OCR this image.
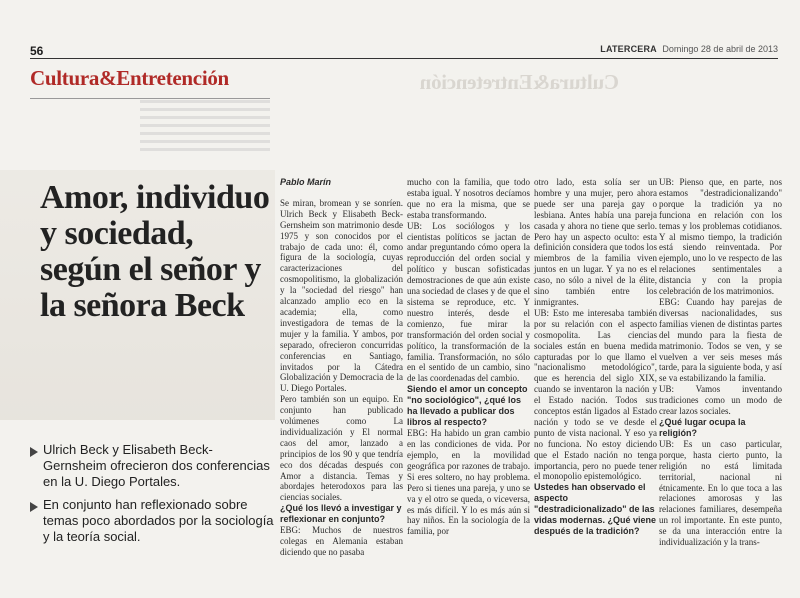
56	LATERCERA Domingo 28 de abril de 2013
Cultura&Entretención
Cultura&Entretención
Amor, individuo y sociedad, según el señor y la señora Beck
Ulrich Beck y Elisabeth Beck-Gernsheim ofrecieron dos conferencias en la U. Diego Portales.
En conjunto han reflexionado sobre temas poco abordados por la sociología y la teoría social.
Pablo Marín

Se miran, bromean y se sonríen. Ulrich Beck y Elisabeth Beck-Gernsheim son matrimonio desde 1975 y son conocidos por el trabajo de cada uno: él, como figura de la sociología, cuyas caracterizaciones del cosmopolitismo, la globalización y la "sociedad del riesgo" han alcanzado amplio eco en la academia; ella, como investigadora de temas de la mujer y la familia. Y ambos, por separado, ofrecieron concurridas conferencias en Santiago, invitados por la Cátedra Globalización y Democracia de la U. Diego Portales.

Pero también son un equipo. En conjunto han publicado volúmenes como La individualización y El normal caos del amor, lanzado a principios de los 90 y que tendría eco dos décadas después con Amor a distancia. Temas y abordajes heterodoxos para las ciencias sociales.

¿Qué los llevó a investigar y reflexionar en conjunto?

EBG: Muchos de nuestros colegas en Alemania estaban diciendo que no pasaba

mucho con la familia, que todo estaba igual. Y nosotros decíamos que no era la misma, que se estaba transformando.

UB: Los sociólogos y los cientistas políticos se jactan de andar preguntando cómo opera la reproducción del orden social y político y buscan sofisticadas demostraciones de que aún existe una sociedad de clases y de que el sistema se reproduce, etc. Y nuestro interés, desde el comienzo, fue mirar la transformación del orden social y político, la transformación de la familia. Transformación, no sólo en el sentido de un cambio, sino de las coordenadas del cambio.

Siendo el amor un concepto "no sociológico", ¿qué los ha llevado a publicar dos libros al respecto?

EBG: Ha habido un gran cambio en las condiciones de vida. Por ejemplo, en la movilidad geográfica por razones de trabajo. Si eres soltero, no hay problema. Pero si tienes una pareja, y uno se va y el otro se queda, o viceversa, es más difícil. Y lo es más aún si hay niños. En la sociología de la familia, por

otro lado, esta solía ser un hombre y una mujer, pero ahora puede ser una pareja gay o lesbiana. Antes había una pareja casada y ahora no tiene que serlo. Pero hay un aspecto oculto: esta definición considera que todos los miembros de la familia viven juntos en un lugar. Y ya no es el caso, no sólo a nivel de la élite, sino también entre los inmigrantes.

UB: Esto me interesaba también por su relación con el aspecto cosmopolita. Las ciencias sociales están en buena medida capturadas por lo que llamo el "nacionalismo metodológico", que es herencia del siglo XIX, cuando se inventaron la nación y el Estado nación. Todos sus conceptos están ligados al Estado nación y todo se ve desde el punto de vista nacional. Y eso ya no funciona. No estoy diciendo que el Estado nación no tenga importancia, pero no puede tener el monopolio epistemológico.

Ustedes han observado el aspecto "destradicionalizado" de las vidas modernas. ¿Qué viene después de la tradición?

UB: Pienso que, en parte, nos estamos "destradicionalizando" porque la tradición ya no funciona en relación con los temas y los problemas cotidianos. Y al mismo tiempo, la tradición está siendo reinventada. Por ejemplo, uno lo ve respecto de las relaciones sentimentales a distancia y con la propia celebración de los matrimonios.

EBG: Cuando hay parejas de diversas nacionalidades, sus familias vienen de distintas partes del mundo para la fiesta de matrimonio. Todos se ven, y se vuelven a ver seis meses más tarde, para la siguiente boda, y así se va estabilizando la familia.

UB: Vamos inventando tradiciones como un modo de crear lazos sociales.

¿Qué lugar ocupa la religión?

UB: Es un caso particular, porque, hasta cierto punto, la religión no está limitada territorial, nacional ni étnicamente. En lo que toca a las relaciones amorosas y las relaciones familiares, desempeña un rol importante. En este punto, se da una interacción entre la individualización y la trans-
